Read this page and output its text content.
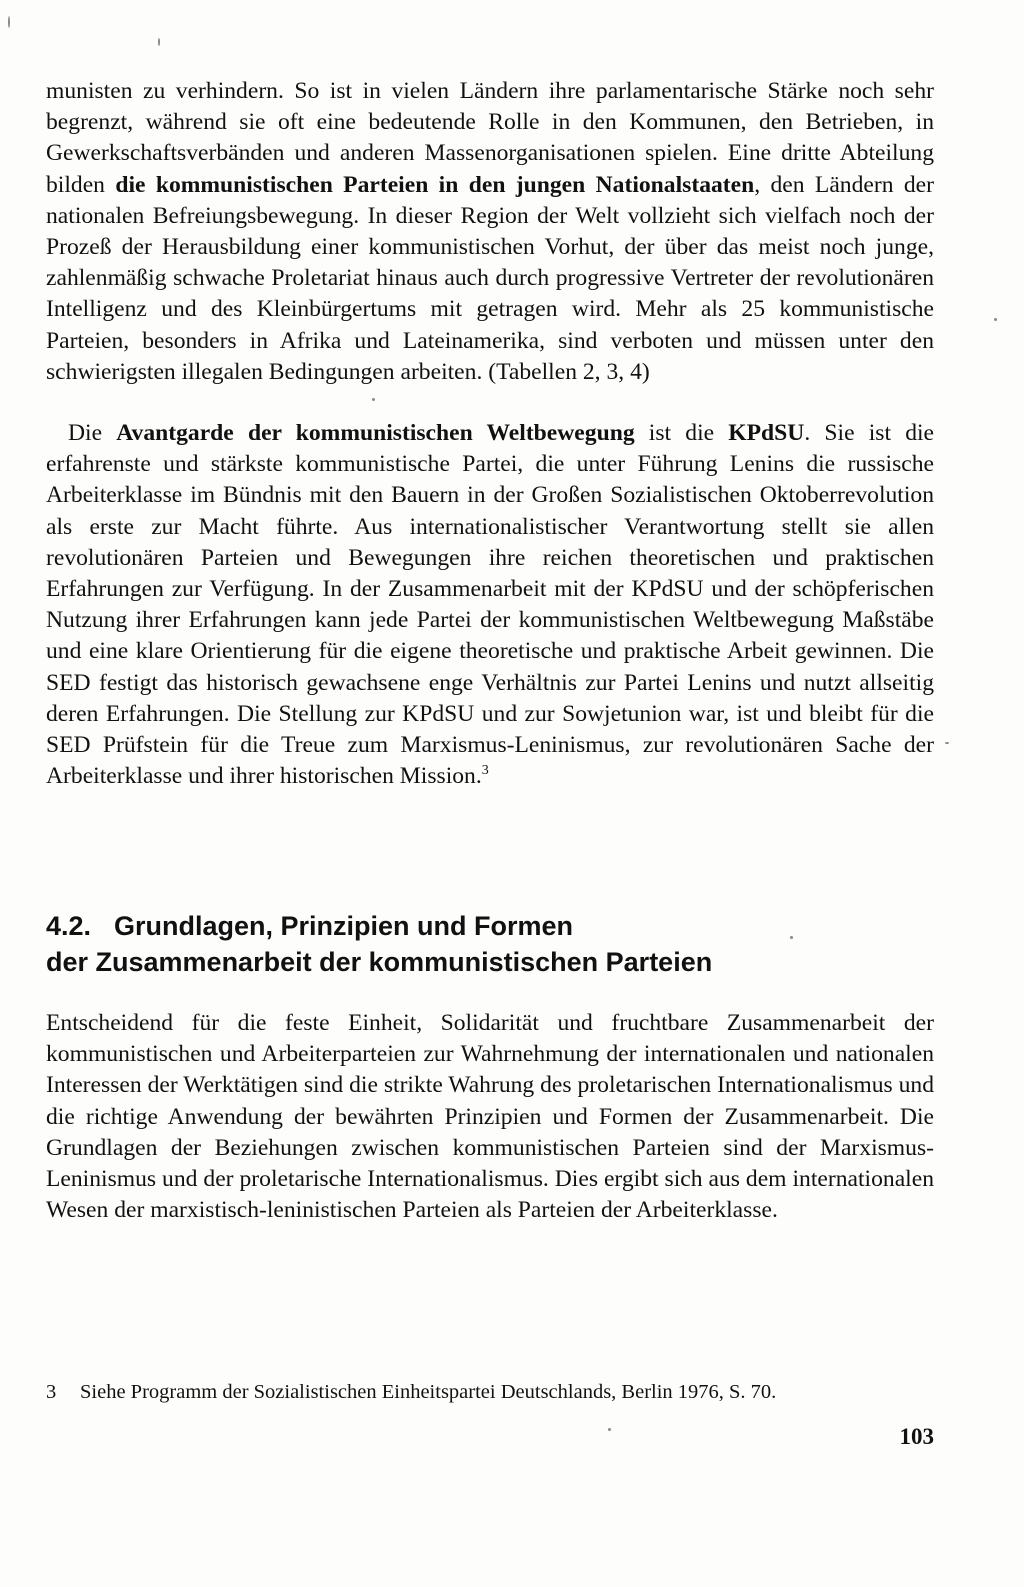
munisten zu verhindern. So ist in vielen Ländern ihre parlamentarische Stärke noch sehr begrenzt, während sie oft eine bedeutende Rolle in den Kommunen, den Betrieben, in Gewerkschaftsverbänden und anderen Massenorganisationen spielen. Eine dritte Abteilung bilden die kommunistischen Parteien in den jungen Nationalstaaten, den Ländern der nationalen Befreiungsbewegung. In dieser Region der Welt vollzieht sich vielfach noch der Prozeß der Herausbildung einer kommunistischen Vorhut, der über das meist noch junge, zahlenmäßig schwache Proletariat hinaus auch durch progressive Vertreter der revolutionären Intelligenz und des Kleinbürgertums mit getragen wird. Mehr als 25 kommunistische Parteien, besonders in Afrika und Lateinamerika, sind verboten und müssen unter den schwierigsten illegalen Bedingungen arbeiten. (Tabellen 2, 3, 4)

Die Avantgarde der kommunistischen Weltbewegung ist die KPdSU. Sie ist die erfahrenste und stärkste kommunistische Partei, die unter Führung Lenins die russische Arbeiterklasse im Bündnis mit den Bauern in der Großen Sozialistischen Oktoberrevolution als erste zur Macht führte. Aus internationalistischer Verantwortung stellt sie allen revolutionären Parteien und Bewegungen ihre reichen theoretischen und praktischen Erfahrungen zur Verfügung. In der Zusammenarbeit mit der KPdSU und der schöpferischen Nutzung ihrer Erfahrungen kann jede Partei der kommunistischen Weltbewegung Maßstäbe und eine klare Orientierung für die eigene theoretische und praktische Arbeit gewinnen. Die SED festigt das historisch gewachsene enge Verhältnis zur Partei Lenins und nutzt allseitig deren Erfahrungen. Die Stellung zur KPdSU und zur Sowjetunion war, ist und bleibt für die SED Prüfstein für die Treue zum Marxismus-Leninismus, zur revolutionären Sache der Arbeiterklasse und ihrer historischen Mission.$^3$

4.2. Grundlagen, Prinzipien und Formen
der Zusammenarbeit der kommunistischen Parteien

Entscheidend für die feste Einheit, Solidarität und fruchtbare Zusammenarbeit der kommunistischen und Arbeiterparteien zur Wahrnehmung der internationalen und nationalen Interessen der Werktätigen sind die strikte Wahrung des proletarischen Internationalismus und die richtige Anwendung der bewährten Prinzipien und Formen der Zusammenarbeit. Die Grundlagen der Beziehungen zwischen kommunistischen Parteien sind der Marxismus-Leninismus und der proletarische Internationalismus. Dies ergibt sich aus dem internationalen Wesen der marxistisch-leninistischen Parteien als Parteien der Arbeiterklasse.

3 Siehe Programm der Sozialistischen Einheitspartei Deutschlands, Berlin 1976, S. 70.
103
